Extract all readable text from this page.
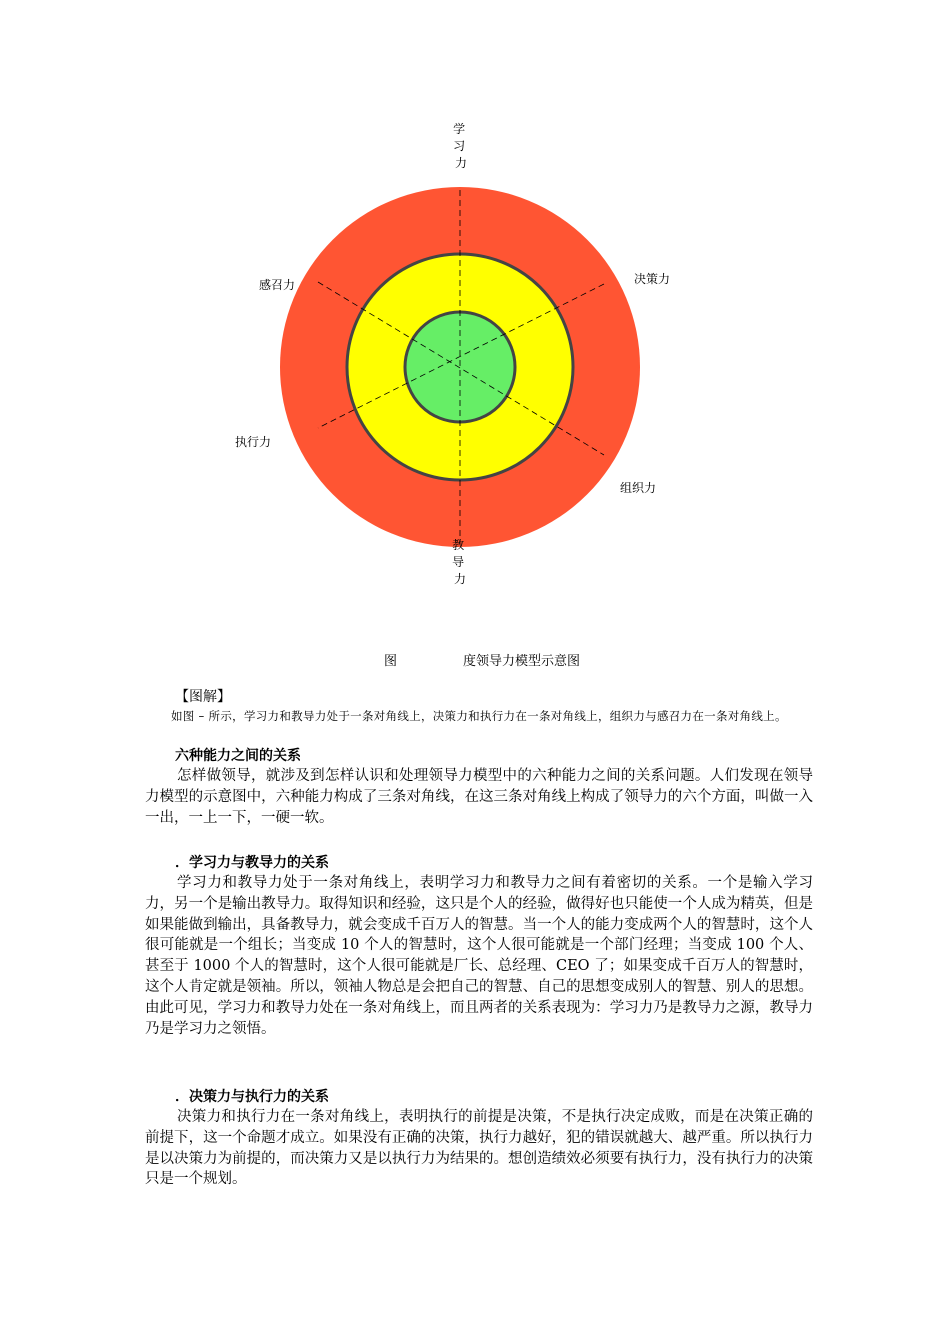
学 习 力
决策力
感召力
执行力
组织力
教 导 力
图	度领导力模型示意图
【图解】

如图 – 所示，学习力和教导力处于一条对角线上，决策力和执行力在一条对角线上，组织力与感召力在一条对角线上。

六种能力之间的关系

怎样做领导，就涉及到怎样认识和处理领导力模型中的六种能力之间的关系问题。人们发现在领导力模型的示意图中，六种能力构成了三条对角线，在这三条对角线上构成了领导力的六个方面，叫做一入一出，一上一下，一硬一软。

．学习力与教导力的关系

学习力和教导力处于一条对角线上，表明学习力和教导力之间有着密切的关系。一个是输入学习力，另一个是输出教导力。取得知识和经验，这只是个人的经验，做得好也只能使一个人成为精英，但是如果能做到输出，具备教导力，就会变成千百万人的智慧。当一个人的能力变成两个人的智慧时，这个人很可能就是一个组长；当变成 10 个人的智慧时，这个人很可能就是一个部门经理；当变成 100 个人、甚至于 1000 个人的智慧时，这个人很可能就是厂长、总经理、CEO 了；如果变成千百万人的智慧时，这个人肯定就是领袖。所以，领袖人物总是会把自己的智慧、自己的思想变成别人的智慧、别人的思想。由此可见，学习力和教导力处在一条对角线上，而且两者的关系表现为：学习力乃是教导力之源，教导力乃是学习力之领悟。

．决策力与执行力的关系

决策力和执行力在一条对角线上，表明执行的前提是决策，不是执行决定成败，而是在决策正确的前提下，这一个命题才成立。如果没有正确的决策，执行力越好，犯的错误就越大、越严重。所以执行力是以决策力为前提的，而决策力又是以执行力为结果的。想创造绩效必须要有执行力，没有执行力的决策只是一个规划。
